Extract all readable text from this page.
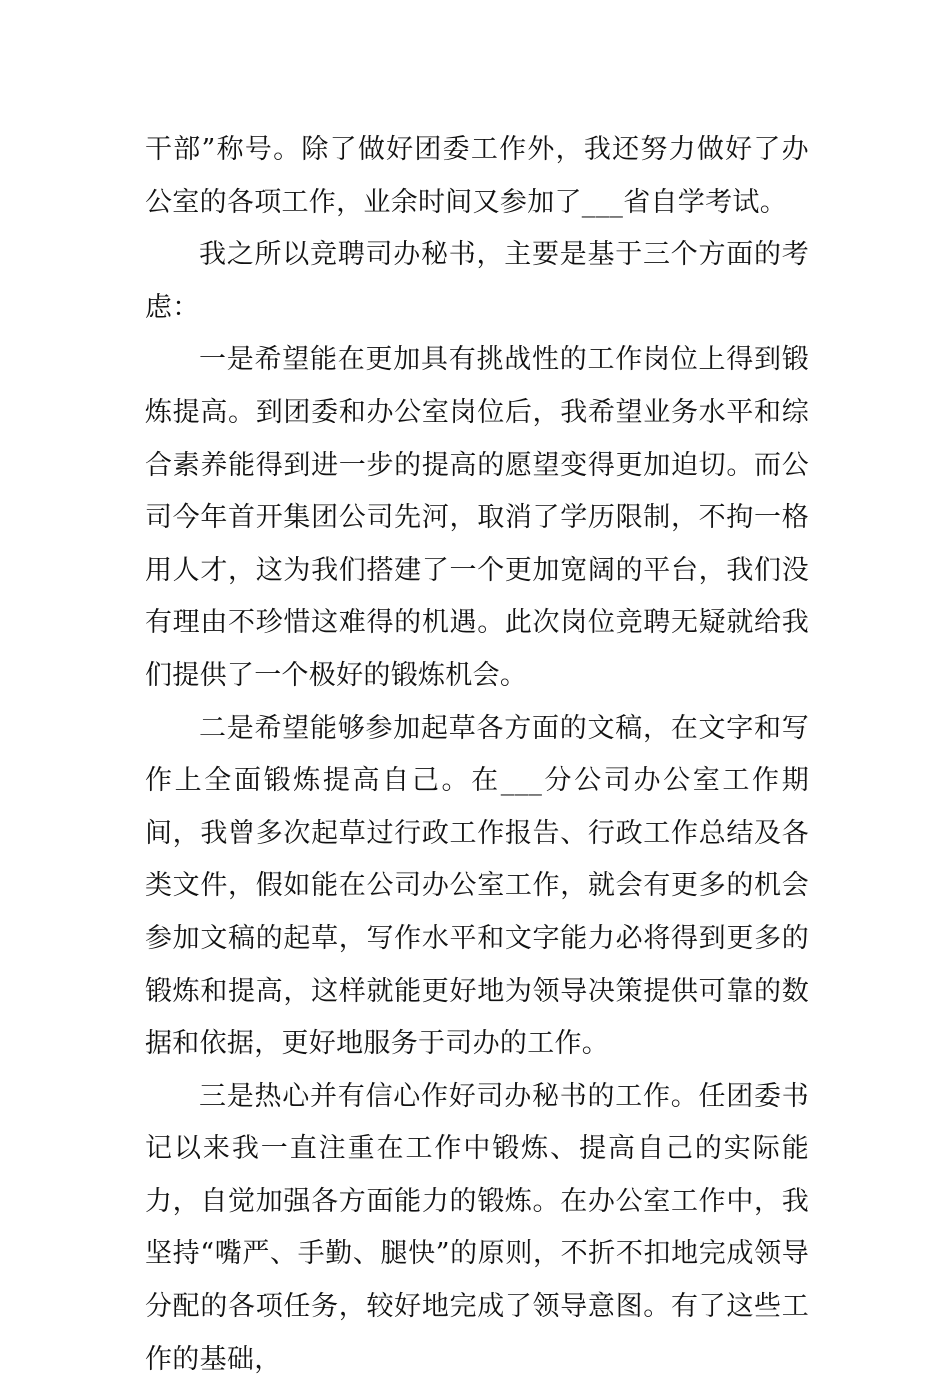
干部”称号。除了做好团委工作外，我还努力做好了办公室的各项工作，业余时间又参加了___省自学考试。

我之所以竞聘司办秘书，主要是基于三个方面的考虑：

一是希望能在更加具有挑战性的工作岗位上得到锻炼提高。到团委和办公室岗位后，我希望业务水平和综合素养能得到进一步的提高的愿望变得更加迫切。而公司今年首开集团公司先河，取消了学历限制，不拘一格用人才，这为我们搭建了一个更加宽阔的平台，我们没有理由不珍惜这难得的机遇。此次岗位竞聘无疑就给我们提供了一个极好的锻炼机会。

二是希望能够参加起草各方面的文稿，在文字和写作上全面锻炼提高自己。在___分公司办公室工作期间，我曾多次起草过行政工作报告、行政工作总结及各类文件，假如能在公司办公室工作，就会有更多的机会参加文稿的起草，写作水平和文字能力必将得到更多的锻炼和提高，这样就能更好地为领导决策提供可靠的数据和依据，更好地服务于司办的工作。

三是热心并有信心作好司办秘书的工作。任团委书记以来我一直注重在工作中锻炼、提高自己的实际能力，自觉加强各方面能力的锻炼。在办公室工作中，我坚持“嘴严、手勤、腿快”的原则，不折不扣地完成领导分配的各项任务，较好地完成了领导意图。有了这些工作的基础，
